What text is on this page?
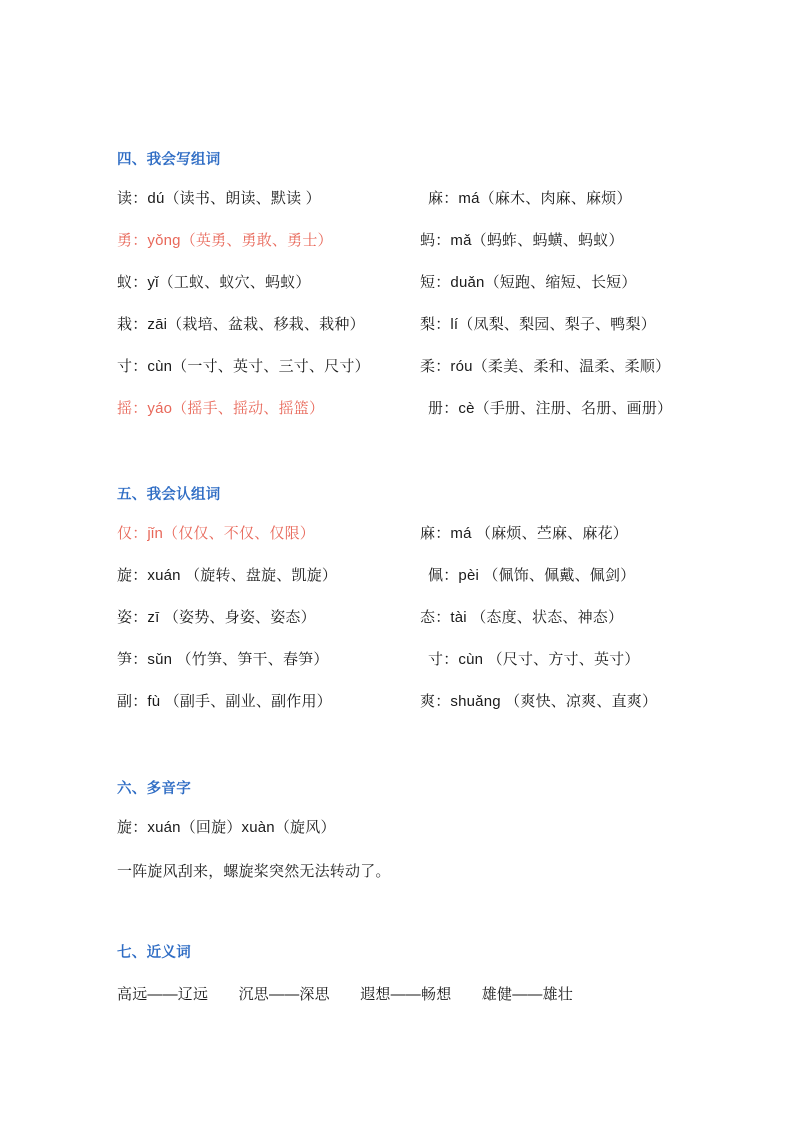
四、我会写组词
读：dú（读书、朗读、默读 ）
勇：yǒng（英勇、勇敢、勇士）
蚁：yǐ（工蚁、蚁穴、蚂蚁）
栽：zāi（栽培、盆栽、移栽、栽种）
寸：cùn（一寸、英寸、三寸、尺寸）
摇：yáo（摇手、摇动、摇篮）
麻：má（麻木、肉麻、麻烦）
蚂：mǎ（蚂蚱、蚂蟥、蚂蚁）
短：duǎn（短跑、缩短、长短）
梨：lí（凤梨、梨园、梨子、鸭梨）
柔：róu（柔美、柔和、温柔、柔顺）
册：cè（手册、注册、名册、画册）
五、我会认组词
仅：jǐn（仅仅、不仅、仅限）
旋：xuán （旋转、盘旋、凯旋）
姿：zī （姿势、身姿、姿态）
笋：sǔn （竹笋、笋干、春笋）
副：fù （副手、副业、副作用）
麻：má （麻烦、苎麻、麻花）
佩：pèi （佩饰、佩戴、佩剑）
态：tài （态度、状态、神态）
寸：cùn （尺寸、方寸、英寸）
爽：shuǎng （爽快、凉爽、直爽）
六、多音字
旋：xuán（回旋）xuàn（旋风）
一阵旋风刮来，螺旋桨突然无法转动了。
七、近义词
高远——辽远　　沉思——深思　　遐想——畅想　　雄健——雄壮
